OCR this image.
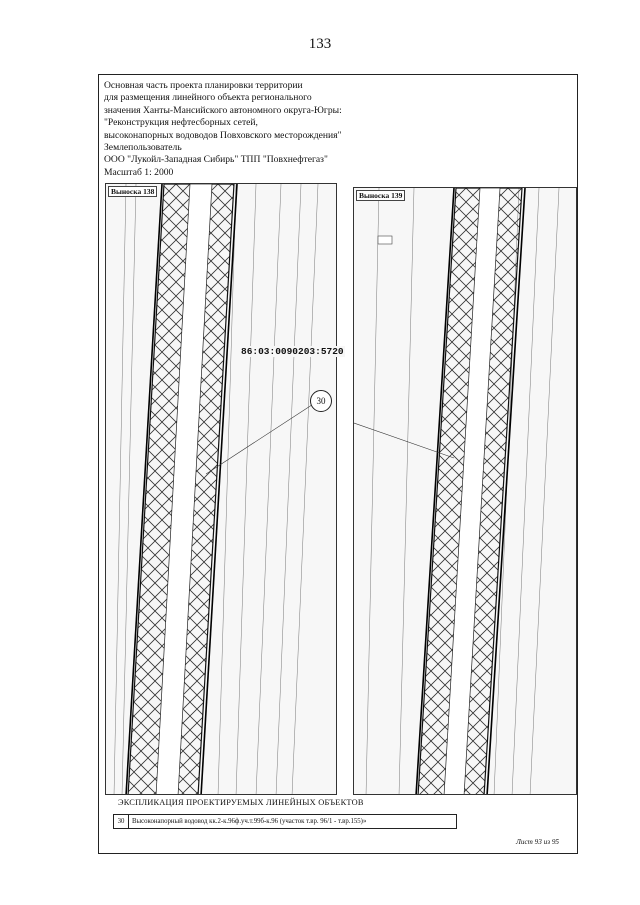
133
Основная часть проекта планировки территории
для размещения линейного объекта регионального
значения Ханты-Мансийского автономного округа-Югры:
"Реконструкция нефтесборных сетей,
высоконапорных водоводов Повховского месторождения"
Землепользователь
ООО "Лукойл-Западная Сибирь" ТПП "Повхнефтегаз"
Масштаб 1: 2000
Выноска 138	Выноска 139
86:03:0090203:5720
30
ЭКСПЛИКАЦИЯ ПРОЕКТИРУЕМЫХ ЛИНЕЙНЫХ ОБЪЕКТОВ
30	Высоконапорный водовод кк.2-к.96ф.уч.т.99б-к.96 (участок т.вр. 96/1 - т.вр.155)»
Лист 93 из 95
